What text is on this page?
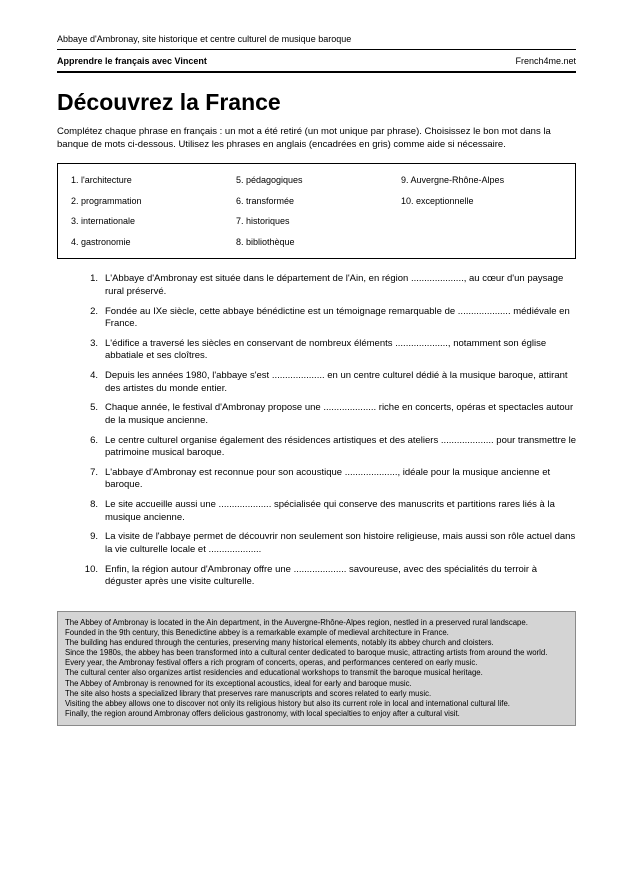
Abbaye d'Ambronay, site historique et centre culturel de musique baroque
Apprendre le français avec Vincent	French4me.net
Découvrez la France

Complétez chaque phrase en français : un mot a été retiré (un mot unique par phrase). Choisissez le bon mot dans la banque de mots ci-dessous. Utilisez les phrases en anglais (encadrées en gris) comme aide si nécessaire.

1. l'architecture
2. programmation
3. internationale
4. gastronomie
5. pédagogiques
6. transformée
7. historiques
8. bibliothèque
9. Auvergne-Rhône-Alpes
10. exceptionnelle
1. L'Abbaye d'Ambronay est située dans le département de l'Ain, en région ...................., au cœur d'un paysage rural préservé.
2. Fondée au IXe siècle, cette abbaye bénédictine est un témoignage remarquable de .................... médiévale en France.
3. L'édifice a traversé les siècles en conservant de nombreux éléments ...................., notamment son église abbatiale et ses cloîtres.
4. Depuis les années 1980, l'abbaye s'est .................... en un centre culturel dédié à la musique baroque, attirant des artistes du monde entier.
5. Chaque année, le festival d'Ambronay propose une .................... riche en concerts, opéras et spectacles autour de la musique ancienne.
6. Le centre culturel organise également des résidences artistiques et des ateliers .................... pour transmettre le patrimoine musical baroque.
7. L'abbaye d'Ambronay est reconnue pour son acoustique ...................., idéale pour la musique ancienne et baroque.
8. Le site accueille aussi une .................... spécialisée qui conserve des manuscrits et partitions rares liés à la musique ancienne.
9. La visite de l'abbaye permet de découvrir non seulement son histoire religieuse, mais aussi son rôle actuel dans la vie culturelle locale et ....................
10. Enfin, la région autour d'Ambronay offre une .................... savoureuse, avec des spécialités du terroir à déguster après une visite culturelle.

The Abbey of Ambronay is located in the Ain department, in the Auvergne-Rhône-Alpes region, nestled in a preserved rural landscape.

Founded in the 9th century, this Benedictine abbey is a remarkable example of medieval architecture in France.

The building has endured through the centuries, preserving many historical elements, notably its abbey church and cloisters.

Since the 1980s, the abbey has been transformed into a cultural center dedicated to baroque music, attracting artists from around the world.

Every year, the Ambronay festival offers a rich program of concerts, operas, and performances centered on early music.

The cultural center also organizes artist residencies and educational workshops to transmit the baroque musical heritage.

The Abbey of Ambronay is renowned for its exceptional acoustics, ideal for early and baroque music.

The site also hosts a specialized library that preserves rare manuscripts and scores related to early music.

Visiting the abbey allows one to discover not only its religious history but also its current role in local and international cultural life.

Finally, the region around Ambronay offers delicious gastronomy, with local specialties to enjoy after a cultural visit.
